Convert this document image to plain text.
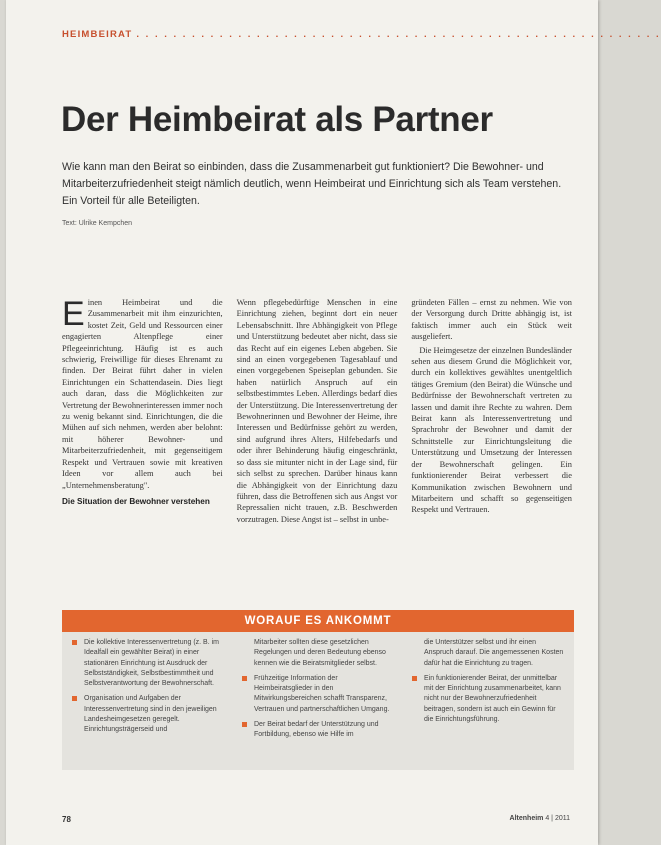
HEIMBEIRAT . . . . . . . . . . . . . . . . . . . . . . . . . . . . . . . . . . . . . . . . . . . . . . . . . . . . . . . . .
Der Heimbeirat als Partner
Wie kann man den Beirat so einbinden, dass die Zusammenarbeit gut funktioniert? Die Bewohner- und Mitarbeiterzufriedenheit steigt nämlich deutlich, wenn Heimbeirat und Einrichtung sich als Team verstehen. Ein Vorteil für alle Beteiligten.
Text: Ulrike Kempchen

Einen Heimbeirat und die Zusammenarbeit mit ihm einzurichten, kostet Zeit, Geld und Ressourcen einer engagierten Altenpflege einer Pflegeeinrichtung. Häufig ist es auch schwierig, Freiwillige für dieses Ehrenamt zu finden. Der Beirat führt daher in vielen Einrichtungen ein Schattendasein. Dies liegt auch daran, dass die Möglichkeiten zur Vertretung der Bewohnerinteressen immer noch zu wenig bekannt sind. Einrichtungen, die die Mühen auf sich nehmen, werden aber belohnt: mit höherer Bewohner- und Mitarbeiterzufriedenheit, mit gegenseitigem Respekt und Vertrauen sowie mit kreativen Ideen vor allem auch bei „Unternehmensberatung".

Die Situation der Bewohner verstehen

Wenn pflegebedürftige Menschen in eine Einrichtung ziehen, beginnt dort ein neuer Lebensabschnitt. Ihre Abhängigkeit von Pflege und Unterstützung bedeutet aber nicht, dass sie das Recht auf ein eigenes Leben abgeben. Sie sind an einen vorgegebenen Tagesablauf und einen vorgegebenen Speiseplan gebunden. Sie haben natürlich Anspruch auf ein selbstbestimmtes Leben. Allerdings bedarf dies der Unterstützung. Die Interessenvertretung der Bewohnerinnen und Bewohner der Heime, ihre Interessen und Bedürfnisse gehört zu werden, sind aufgrund ihres Alters, Hilfebedarfs und oder ihrer Behinderung häufig eingeschränkt, so dass sie mitunter nicht in der Lage sind, für sich selbst zu sprechen. Darüber hinaus kann die Abhängigkeit von der Einrichtung dazu führen, dass die Betroffenen sich aus Angst vor Repressalien nicht trauen, z.B. Beschwerden vorzutragen. Diese Angst ist – selbst in unbe-

gründeten Fällen – ernst zu nehmen. Wie von der Versorgung durch Dritte abhängig ist, ist faktisch immer auch ein Stück weit ausgeliefert.

Die Heimgesetze der einzelnen Bundesländer sehen aus diesem Grund die Möglichkeit vor, durch ein kollektives gewähltes unentgeltlich tätiges Gremium (den Beirat) die Wünsche und Bedürfnisse der Bewohnerschaft vertreten zu lassen und damit ihre Rechte zu wahren. Dem Beirat kann als Interessenvertretung und Sprachrohr der Bewohner und damit der Schnittstelle zur Einrichtungsleitung die Unterstützung und Umsetzung der Interessen der Bewohnerschaft gelingen. Ein funktionierender Beirat verbessert die Kommunikation zwischen Bewohnern und Mitarbeitern und schafft so gegenseitigen Respekt und Vertrauen.

WORAUF ES ANKOMMT
Die kollektive Interessenvertretung (z. B. im Idealfall ein gewählter Beirat) in einer stationären Einrichtung ist Ausdruck der Selbstständigkeit, Selbstbestimmtheit und Selbstverantwortung der Bewohnerschaft.
Organisation und Aufgaben der Interessenvertretung sind in den jeweiligen Landesheimgesetzen geregelt. Einrichtungsträgerseid und
Mitarbeiter sollten diese gesetzlichen Regelungen und deren Bedeutung ebenso kennen wie die Beiratsmitglieder selbst.
Frühzeitige Information der Heimbeiratsglieder in den Mitwirkungsbereichen schafft Transparenz, Vertrauen und partnerschaftlichen Umgang.
Der Beirat bedarf der Unterstützung und Fortbildung, ebenso wie Hilfe im
die Unterstützer selbst und ihr einen Anspruch darauf. Die angemessenen Kosten dafür hat die Einrichtung zu tragen.
Ein funktionierender Beirat, der unmittelbar mit der Einrichtung zusammenarbeitet, kann nicht nur der Bewohnerzufriedenheit beitragen, sondern ist auch ein Gewinn für die Einrichtungsführung.
78	Altenheim 4 | 2011
